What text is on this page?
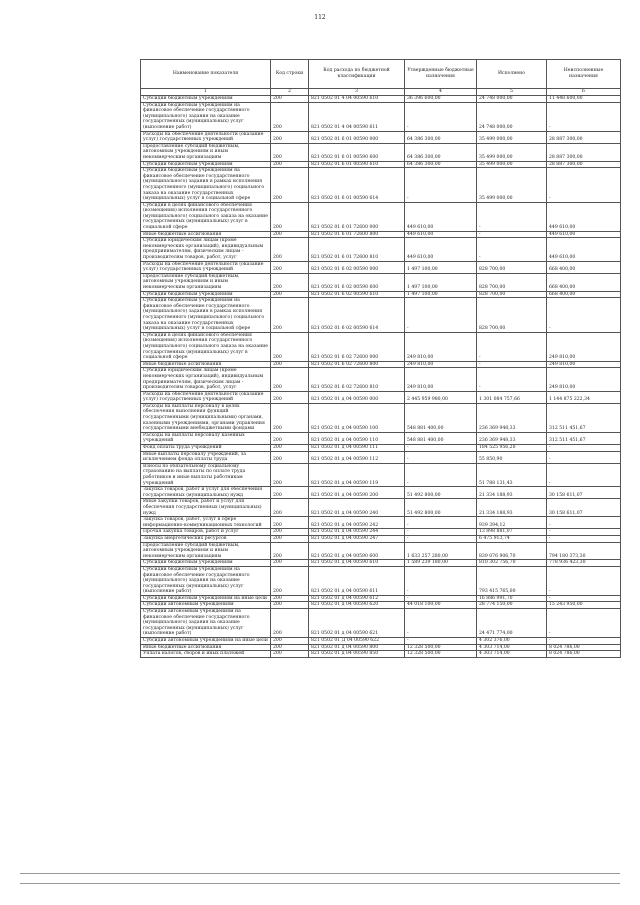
112
Наименование показателя	Код строки	Код расхода по бюджетной классификации	Утвержденные бюджетные назначения	Исполнено	Неисполненные назначения
1	2	3	4	5	6
Субсидии бюджетным учреждениям	200	821 0502 01 4 04 00590 610	36 396 600,00	24 748 000,00	11 448 600,00
Субсидии бюджетным учреждениям на финансовое обеспечение государственного (муниципального) задания на оказание государственных (муниципальных) услуг (выполнение работ)	200	821 0502 01 4 04 00590 611	-	24 748 000,00	-
Расходы на обеспечение деятельности (оказание услуг) государственных учреждений	200	821 0502 01 6 01 00590 000	64 386 300,00	35 499 000,00	28 887 300,00
Предоставление субсидий бюджетным, автономным учреждениям и иным некоммерческим организациям	200	821 0502 01 6 01 00590 600	64 386 300,00	35 499 000,00	28 887 300,00
Субсидии бюджетным учреждениям	200	821 0502 01 6 01 00590 610	64 386 300,00	35 499 000,00	28 887 300,00
Субсидии бюджетным учреждениям на финансовое обеспечение государственного (муниципального) задания в рамках исполнения государственного (муниципального) социального заказа на оказание государственных (муниципальных) услуг в социальной сфере	200	821 0502 01 6 01 00590 614	-	35 499 000,00	-
Субсидии в целях финансового обеспечения (возмещения) исполнения государственного (муниципального) социального заказа на оказание государственных (муниципальных) услуг в социальной сфере	200	821 0502 01 6 01 72600 000	449 610,00	-	449 610,00
Иные бюджетные ассигнования	200	821 0502 01 6 01 72600 800	449 610,00	-	449 610,00
Субсидии юридическим лицам (кроме некоммерческих организаций), индивидуальным предпринимателям, физическим лицам - производителям товаров, работ, услуг	200	821 0502 01 6 01 72600 810	449 610,00	-	449 610,00
Расходы на обеспечение деятельности (оказание услуг) государственных учреждений	200	821 0502 01 6 02 00590 000	1 497 100,00	828 700,00	668 400,00
Предоставление субсидий бюджетным, автономным учреждениям и иным некоммерческим организациям	200	821 0502 01 6 02 00590 600	1 497 100,00	828 700,00	668 400,00
Субсидии бюджетным учреждениям	200	821 0502 01 6 02 00590 610	1 497 100,00	828 700,00	668 400,00
Субсидии бюджетным учреждениям на финансовое обеспечение государственного (муниципального) задания в рамках исполнения государственного (муниципального) социального заказа на оказание государственных (муниципальных) услуг в социальной сфере	200	821 0502 01 6 02 00590 614	-	828 700,00	-
Субсидии в целях финансового обеспечения (возмещения) исполнения государственного (муниципального) социального заказа на оказание государственных (муниципальных) услуг в социальной сфере	200	821 0502 01 6 02 72600 000	249 810,00	-	249 810,00
Иные бюджетные ассигнования	200	821 0502 01 6 02 72600 800	249 810,00	-	249 810,00
Субсидии юридическим лицам (кроме некоммерческих организаций), индивидуальным предпринимателям, физическим лицам - производителям товаров, работ, услуг	200	821 0502 01 6 02 72600 810	249 810,00	-	249 810,00
Расходы на обеспечение деятельности (оказание услуг) государственных учреждений	200	821 0502 01 д 04 00590 000	2 445 959 980,00	1 301 084 757,66	1 144 875 222,34
Расходы на выплаты персоналу в целях обеспечения выполнения функций государственными (муниципальными) органами, казенными учреждениями, органами управления государственными внебюджетными фондами	200	821 0502 01 д 04 00590 100	548 881 400,00	236 369 948,33	312 511 451,67
Расходы на выплаты персоналу казенных учреждений	200	821 0502 01 д 04 00590 110	548 881 400,00	236 369 948,33	312 511 451,67
Фонд оплаты труда учреждений	200	821 0502 01 д 04 00590 111	-	184 525 956,20	-
Иные выплаты персоналу учреждений, за исключением фонда оплаты труда	200	821 0502 01 д 04 00590 112	-	55 850,90	-
Взносы по обязательному социальному страхованию на выплаты по оплате труда работников и иные выплаты работникам учреждений	200	821 0502 01 д 04 00590 119	-	51 788 131,43	-
Закупка товаров, работ и услуг для обеспечения государственных (муниципальных) нужд	200	821 0502 01 д 04 00590 200	51 492 800,00	21 334 188,93	30 158 611,07
Иные закупки товаров, работ и услуг для обеспечения государственных (муниципальных) нужд	200	821 0502 01 д 04 00590 240	51 492 800,00	21 334 188,93	30 158 611,07
Закупка товаров, работ, услуг в сфере информационно-коммуникационных технологий	200	821 0502 01 д 04 00590 242	-	939 394,12	-
Прочая закупка товаров, работ и услуг	200	821 0502 01 д 04 00590 244	-	13 898 881,07	-
Закупка энергетических ресурсов	200	821 0502 01 д 04 00590 247	-	6 475 913,74	-
Предоставление субсидий бюджетным, автономным учреждениям и иным некоммерческим организациям	200	821 0502 01 д 04 00590 600	1 633 257 280,00	839 076 906,70	794 180 373,30
Субсидии бюджетным учреждениям	200	821 0502 01 д 04 00590 610	1 589 239 180,00	810 302 756,70	778 936 423,30
Субсидии бюджетным учреждениям на финансовое обеспечение государственного (муниципального) задания на оказание государственных (муниципальных) услуг (выполнение работ)	200	821 0502 01 д 04 00590 611	-	793 415 765,00	-
Субсидии бюджетным учреждениям на иные цели	200	821 0502 01 д 04 00590 612	-	16 886 991,70	-
Субсидии автономным учреждениям	200	821 0502 01 д 04 00590 620	44 018 100,00	28 774 150,00	15 243 950,00
Субсидии автономным учреждениям на финансовое обеспечение государственного (муниципального) задания на оказание государственных (муниципальных) услуг (выполнение работ)	200	821 0502 01 д 04 00590 621	-	24 471 774,00	-
Субсидии автономным учреждениям на иные цели	200	821 0502 01 Д 04 00590 622	-	4 302 376,00	-
Иные бюджетные ассигнования	200	821 0502 01 д 04 00590 800	12 328 500,00	4 303 714,00	8 024 786,00
Уплата налогов, сборов и иных платежей	200	821 0502 01 д 04 00590 850	12 328 500,00	4 303 714,00	8 024 786,00
